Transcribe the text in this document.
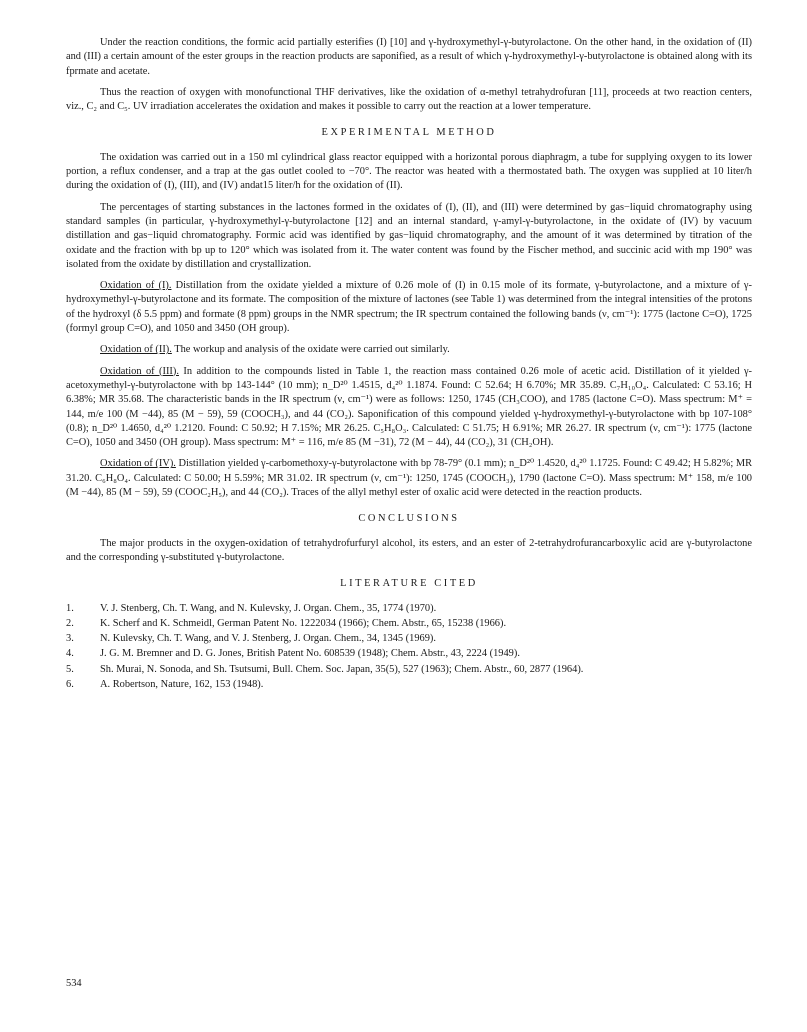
Under the reaction conditions, the formic acid partially esterifies (I) [10] and γ-hydroxymethyl-γ-butyrolactone. On the other hand, in the oxidation of (II) and (III) a certain amount of the ester groups in the reaction products are saponified, as a result of which γ-hydroxymethyl-γ-butyrolactone is obtained along with its fprmate and acetate.

Thus the reaction of oxygen with monofunctional THF derivatives, like the oxidation of α-methyl tetrahydrofuran [11], proceeds at two reaction centers, viz., C₂ and C₅. UV irradiation accelerates the oxidation and makes it possible to carry out the reaction at a lower temperature.

EXPERIMENTAL METHOD

The oxidation was carried out in a 150 ml cylindrical glass reactor equipped with a horizontal porous diaphragm, a tube for supplying oxygen to its lower portion, a reflux condenser, and a trap at the gas outlet cooled to −70°. The reactor was heated with a thermostated bath. The oxygen was supplied at 10 liter/h during the oxidation of (I), (III), and (IV) andat15 liter/h for the oxidation of (II).

The percentages of starting substances in the lactones formed in the oxidates of (I), (II), and (III) were determined by gas−liquid chromatography using standard samples (in particular, γ-hydroxymethyl-γ-butyrolactone [12] and an internal standard, γ-amyl-γ-butyrolactone, in the oxidate of (IV) by vacuum distillation and gas−liquid chromatography. Formic acid was identified by gas−liquid chromatography, and the amount of it was determined by titration of the oxidate and the fraction with bp up to 120° which was isolated from it. The water content was found by the Fischer method, and succinic acid with mp 190° was isolated from the oxidate by distillation and crystallization.

Oxidation of (I). Distillation from the oxidate yielded a mixture of 0.26 mole of (I) in 0.15 mole of its formate, γ-butyrolactone, and a mixture of γ-hydroxymethyl-γ-butyrolactone and its formate. The composition of the mixture of lactones (see Table 1) was determined from the integral intensities of the protons of the hydroxyl (δ 5.5 ppm) and formate (8 ppm) groups in the NMR spectrum; the IR spectrum contained the following bands (ν, cm⁻¹): 1775 (lactone C=O), 1725 (formyl group C=O), and 1050 and 3450 (OH group).

Oxidation of (II). The workup and analysis of the oxidate were carried out similarly.

Oxidation of (III). In addition to the compounds listed in Table 1, the reaction mass contained 0.26 mole of acetic acid. Distillation of it yielded γ-acetoxymethyl-γ-butyrolactone with bp 143-144° (10 mm); n_D²⁰ 1.4515, d₄²⁰ 1.1874. Found: C 52.64; H 6.70%; MR 35.89. C₇H₁₀O₄. Calculated: C 53.16; H 6.38%; MR 35.68. The characteristic bands in the IR spectrum (ν, cm⁻¹) were as follows: 1250, 1745 (CH₃COO), and 1785 (lactone C=O). Mass spectrum: M⁺ = 144, m/e 100 (M −44), 85 (M − 59), 59 (COOCH₃), and 44 (CO₂). Saponification of this compound yielded γ-hydroxymethyl-γ-butyrolactone with bp 107-108° (0.8); n_D²⁰ 1.4650, d₄²⁰ 1.2120. Found: C 50.92; H 7.15%; MR 26.25. C₅H₈O₃. Calculated: C 51.75; H 6.91%; MR 26.27. IR spectrum (ν, cm⁻¹): 1775 (lactone C=O), 1050 and 3450 (OH group). Mass spectrum: M⁺ = 116, m/e 85 (M −31), 72 (M − 44), 44 (CO₂), 31 (CH₂OH).

Oxidation of (IV). Distillation yielded γ-carbomethoxy-γ-butyrolactone with bp 78-79° (0.1 mm); n_D²⁰ 1.4520, d₄²⁰ 1.1725. Found: C 49.42; H 5.82%; MR 31.20. C₆H₈O₄. Calculated: C 50.00; H 5.59%; MR 31.02. IR spectrum (ν, cm⁻¹): 1250, 1745 (COOCH₃), 1790 (lactone C=O). Mass spectrum: M⁺ 158, m/e 100 (M −44), 85 (M − 59), 59 (COOC₂H₅), and 44 (CO₂). Traces of the allyl methyl ester of oxalic acid were detected in the reaction products.

CONCLUSIONS

The major products in the oxygen-oxidation of tetrahydrofurfuryl alcohol, its esters, and an ester of 2-tetrahydrofurancarboxylic acid are γ-butyrolactone and the corresponding γ-substituted γ-butyrolactone.

LITERATURE CITED
1.	V. J. Stenberg, Ch. T. Wang, and N. Kulevsky, J. Organ. Chem., 35, 1774 (1970).
2.	K. Scherf and K. Schmeidl, German Patent No. 1222034 (1966); Chem. Abstr., 65, 15238 (1966).
3.	N. Kulevsky, Ch. T. Wang, and V. J. Stenberg, J. Organ. Chem., 34, 1345 (1969).
4.	J. G. M. Bremner and D. G. Jones, British Patent No. 608539 (1948); Chem. Abstr., 43, 2224 (1949).
5.	Sh. Murai, N. Sonoda, and Sh. Tsutsumi, Bull. Chem. Soc. Japan, 35(5), 527 (1963); Chem. Abstr., 60, 2877 (1964).
6.	A. Robertson, Nature, 162, 153 (1948).
534
